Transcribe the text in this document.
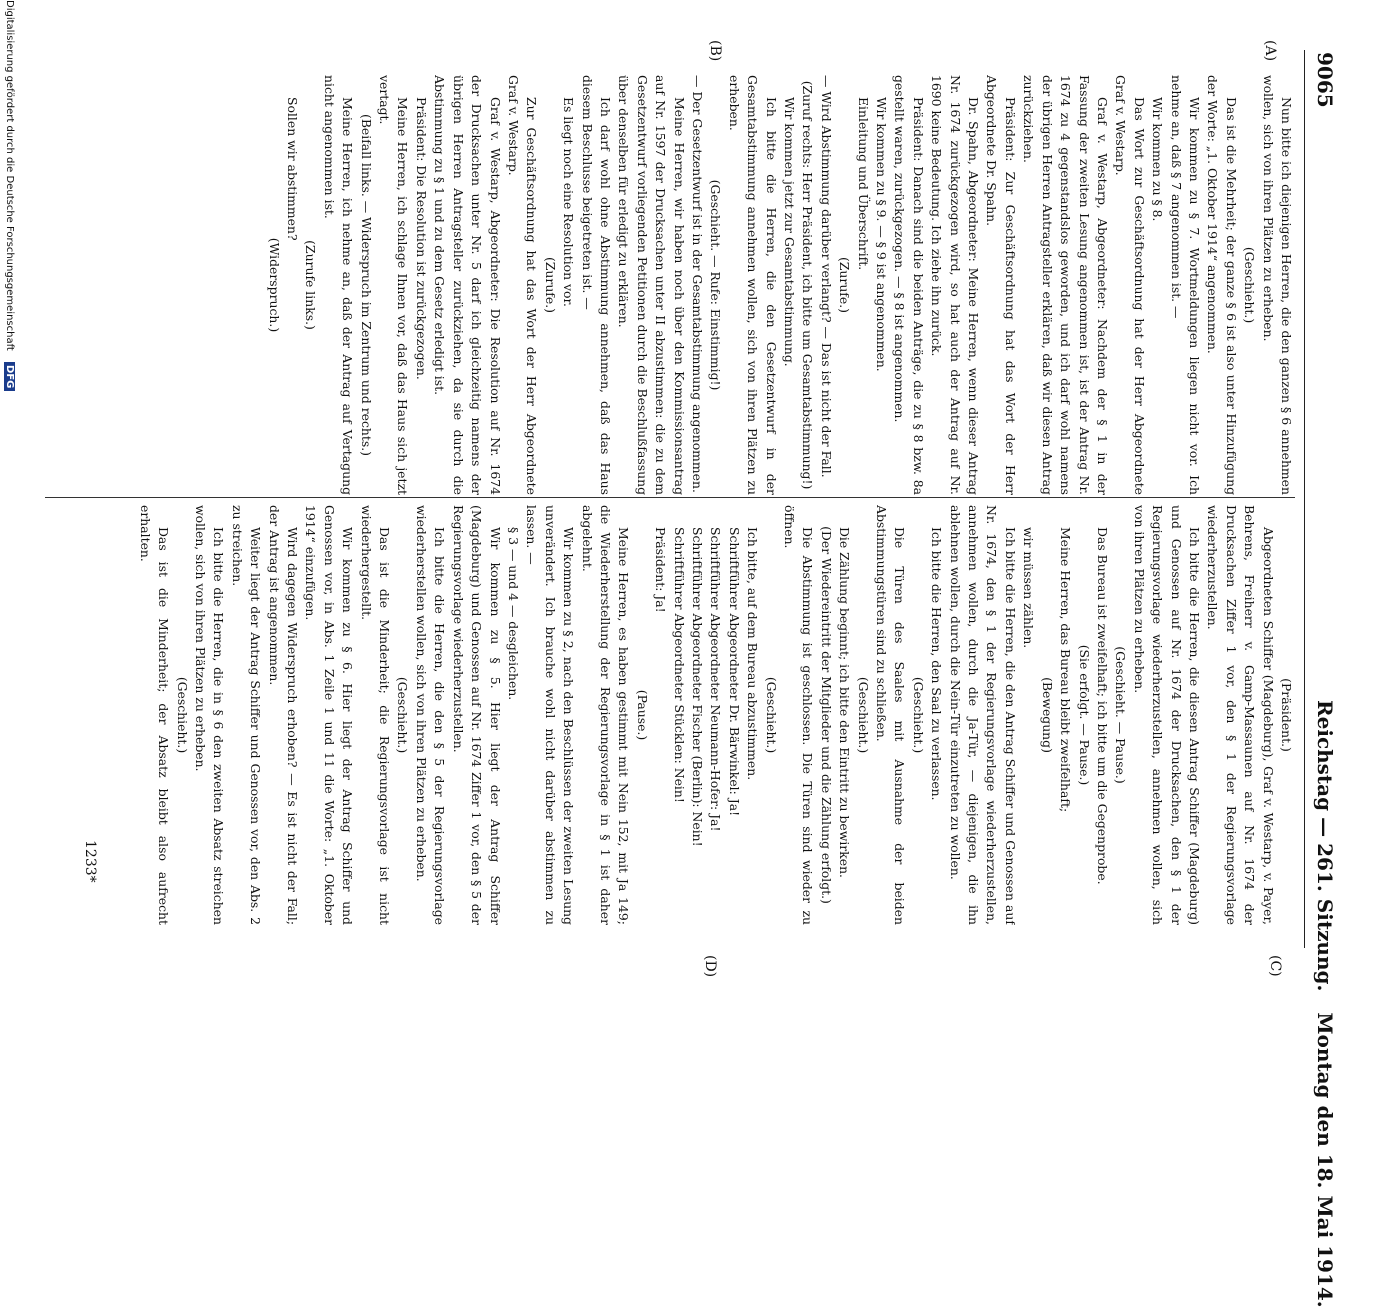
9065
Reichstag—261. Sitzung.   Montag den 18. Mai 1914.
(A)
(C)
(B)
(D)

Nun bitte ich diejenigen Herren, die den ganzen § 6 annehmen wollen, sich von ihren Plätzen zu erheben.

(Geschieht.)

Das ist die Mehrheit; der ganze § 6 ist also unter Hinzufügung der Worte: „1. Oktober 1914“ angenommen.

Wir kommen zu § 7. Wortmeldungen liegen nicht vor. Ich nehme an, daß § 7 angenommen ist. —

Wir kommen zu § 8.

Das Wort zur Geschäftsordnung hat der Herr Abgeordnete Graf v. Westarp.

Graf v. Westarp, Abgeordneter: Nachdem der § 1 in der Fassung der zweiten Lesung angenommen ist, ist der Antrag Nr. 1674 zu 4 gegenstandslos geworden, und ich darf wohl namens der übrigen Herren Antragsteller erklären, daß wir diesen Antrag zurückziehen.

Präsident: Zur Geschäftsordnung hat das Wort der Herr Abgeordnete Dr. Spahn.

Dr. Spahn, Abgeordneter: Meine Herren, wenn dieser Antrag Nr. 1674 zurückgezogen wird, so hat auch der Antrag auf Nr. 1690 keine Bedeutung. Ich ziehe ihn zurück.

Präsident: Danach sind die beiden Anträge, die zu § 8 bzw. 8a gestellt waren, zurückgezogen. — § 8 ist angenommen.

Wir kommen zu § 9. — § 9 ist angenommen.

Einleitung und Überschrift.

(Zurufe.)

— Wird Abstimmung darüber verlangt? — Das ist nicht der Fall.

(Zuruf rechts: Herr Präsident, ich bitte um Gesamtabstimmung!)

Wir kommen jetzt zur Gesamtabstimmung.

Ich bitte die Herren, die den Gesetzentwurf in der Gesamtabstimmung annehmen wollen, sich von ihren Plätzen zu erheben.

(Geschieht. — Rufe: Einstimmig!)

— Der Gesetzentwurf ist in der Gesamtabstimmung angenommen.

Meine Herren, wir haben noch über den Kommissionsantrag auf Nr. 1597 der Drucksachen unter II abzustimmen: die zu dem Gesetzentwurf vorliegenden Petitionen durch die Beschlußfassung über denselben für erledigt zu erklären.

Ich darf wohl ohne Abstimmung annehmen, daß das Haus diesem Beschlusse beigetreten ist. —

Es liegt noch eine Resolution vor.

(Zurufe.)

Zur Geschäftsordnung hat das Wort der Herr Abgeordnete Graf v. Westarp.

Graf v. Westarp, Abgeordneter: Die Resolution auf Nr. 1674 der Drucksachen unter Nr. 5 darf ich gleichzeitig namens der übrigen Herren Antragsteller zurückziehen, da sie durch die Abstimmung zu § 1 und zu dem Gesetz erledigt ist.

Präsident: Die Resolution ist zurückgezogen.

Meine Herren, ich schlage Ihnen vor, daß das Haus sich jetzt vertagt.

(Beifall links. — Widerspruch im Zentrum und rechts.)

Meine Herren, ich nehme an, daß der Antrag auf Vertagung nicht angenommen ist.

(Zurufe links.)

Sollen wir abstimmen?

(Widerspruch.)

(Präsident.)

Abgeordneten Schiffer (Magdeburg), Graf v. Westarp, v. Payer, Behrens, Freiherr v. Gamp-Massaunen auf Nr. 1674 der Drucksachen Ziffer 1 vor, den § 1 der Regierungsvorlage wiederherzustellen.

Ich bitte die Herren, die diesen Antrag Schiffer (Magdeburg) und Genossen auf Nr. 1674 der Drucksachen, den § 1 der Regierungsvorlage wiederherzustellen, annehmen wollen, sich von ihren Plätzen zu erheben.

(Geschieht. — Pause.)

Das Bureau ist zweifelhaft; ich bitte um die Gegenprobe.

(Sie erfolgt. — Pause.)

Meine Herren, das Bureau bleibt zweifelhaft;

(Bewegung)

wir müssen zählen.

Ich bitte die Herren, die den Antrag Schiffer und Genossen auf Nr. 1674, den § 1 der Regierungsvorlage wiederherzustellen, annehmen wollen, durch die Ja-Tür, — diejenigen, die ihn ablehnen wollen, durch die Nein-Tür einzutreten zu wollen.

Ich bitte die Herren, den Saal zu verlassen.

(Geschieht.)

Die Türen des Saales mit Ausnahme der beiden Abstimmungstüren sind zu schließen.

(Geschieht.)

Die Zählung beginnt; ich bitte den Eintritt zu bewirken.

(Der Wiedereintritt der Mitglieder und die Zählung erfolgt.)

Die Abstimmung ist geschlossen. Die Türen sind wieder zu öffnen.

(Geschieht.)

Ich bitte, auf dem Bureau abzustimmen.

Schriftführer Abgeordneter Dr. Bärwinkel: Ja!

Schriftführer Abgeordneter Neumann-Hofer: Ja!

Schriftführer Abgeordneter Fischer (Berlin): Nein!

Schriftführer Abgeordneter Stücklen: Nein!

Präsident: Ja!

(Pause.)

Meine Herren, es haben gestimmt mit Nein 152, mit Ja 149; die Wiederherstellung der Regierungsvorlage in § 1 ist daher abgelehnt.

Wir kommen zu § 2, nach den Beschlüssen der zweiten Lesung unverändert. Ich brauche wohl nicht darüber abstimmen zu lassen. —

§ 3 — und 4 — desgleichen.

Wir kommen zu § 5. Hier liegt der Antrag Schiffer (Magdeburg) und Genossen auf Nr. 1674 Ziffer 1 vor, den § 5 der Regierungsvorlage wiederherzustellen.

Ich bitte die Herren, die den § 5 der Regierungsvorlage wiederherstellen wollen, sich von ihren Plätzen zu erheben.

(Geschieht.)

Das ist die Minderheit; die Regierungsvorlage ist nicht wiederhergestellt.

Wir kommen zu § 6. Hier liegt der Antrag Schiffer und Genossen vor, in Abs. 1 Zeile 1 und 11 die Worte: „1. Oktober 1914“ einzufügen.

Wird dagegen Widerspruch erhoben? — Es ist nicht der Fall; der Antrag ist angenommen.

Weiter liegt der Antrag Schiffer und Genossen vor, den Abs. 2 zu streichen.

Ich bitte die Herren, die in § 6 den zweiten Absatz streichen wollen, sich von ihren Plätzen zu erheben.

(Geschieht.)

Das ist die Minderheit; der Absatz bleibt also aufrecht erhalten.

1233*
Digitalisierung gefördert durch die Deutsche Forschungsgemeinschaft DFG
